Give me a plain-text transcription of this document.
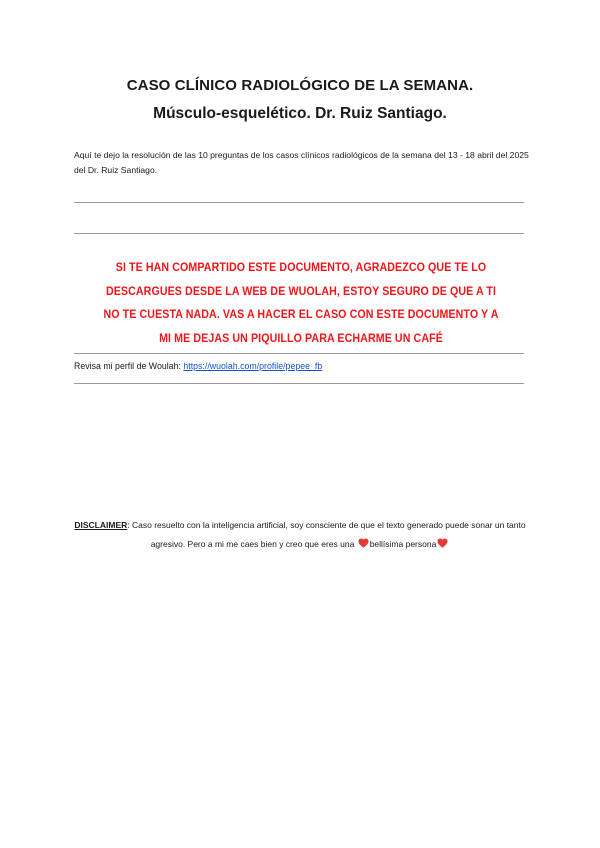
CASO CLÍNICO RADIOLÓGICO DE LA SEMANA.
Músculo-esquelético. Dr. Ruiz Santiago.

Aquí te dejo la resolución de las 10 preguntas de los casos clínicos radiológicos de la semana del 13 - 18 abril del 2025 del Dr. Ruiz Santiago.

SI TE HAN COMPARTIDO ESTE DOCUMENTO, AGRADEZCO QUE TE LO DESCARGUES DESDE LA WEB DE WUOLAH, ESTOY SEGURO DE QUE A TI NO TE CUESTA NADA. VAS A HACER EL CASO CON ESTE DOCUMENTO Y A MI ME DEJAS UN PIQUILLO PARA ECHARME UN CAFÉ

Revisa mi perfil de Woulah: https://wuolah.com/profile/pepee_fb

DISCLAIMER: Caso resuelto con la inteligencia artificial, soy consciente de que el texto generado puede sonar un tanto agresivo. Pero a mi me caes bien y creo que eres una
bellísima persona
